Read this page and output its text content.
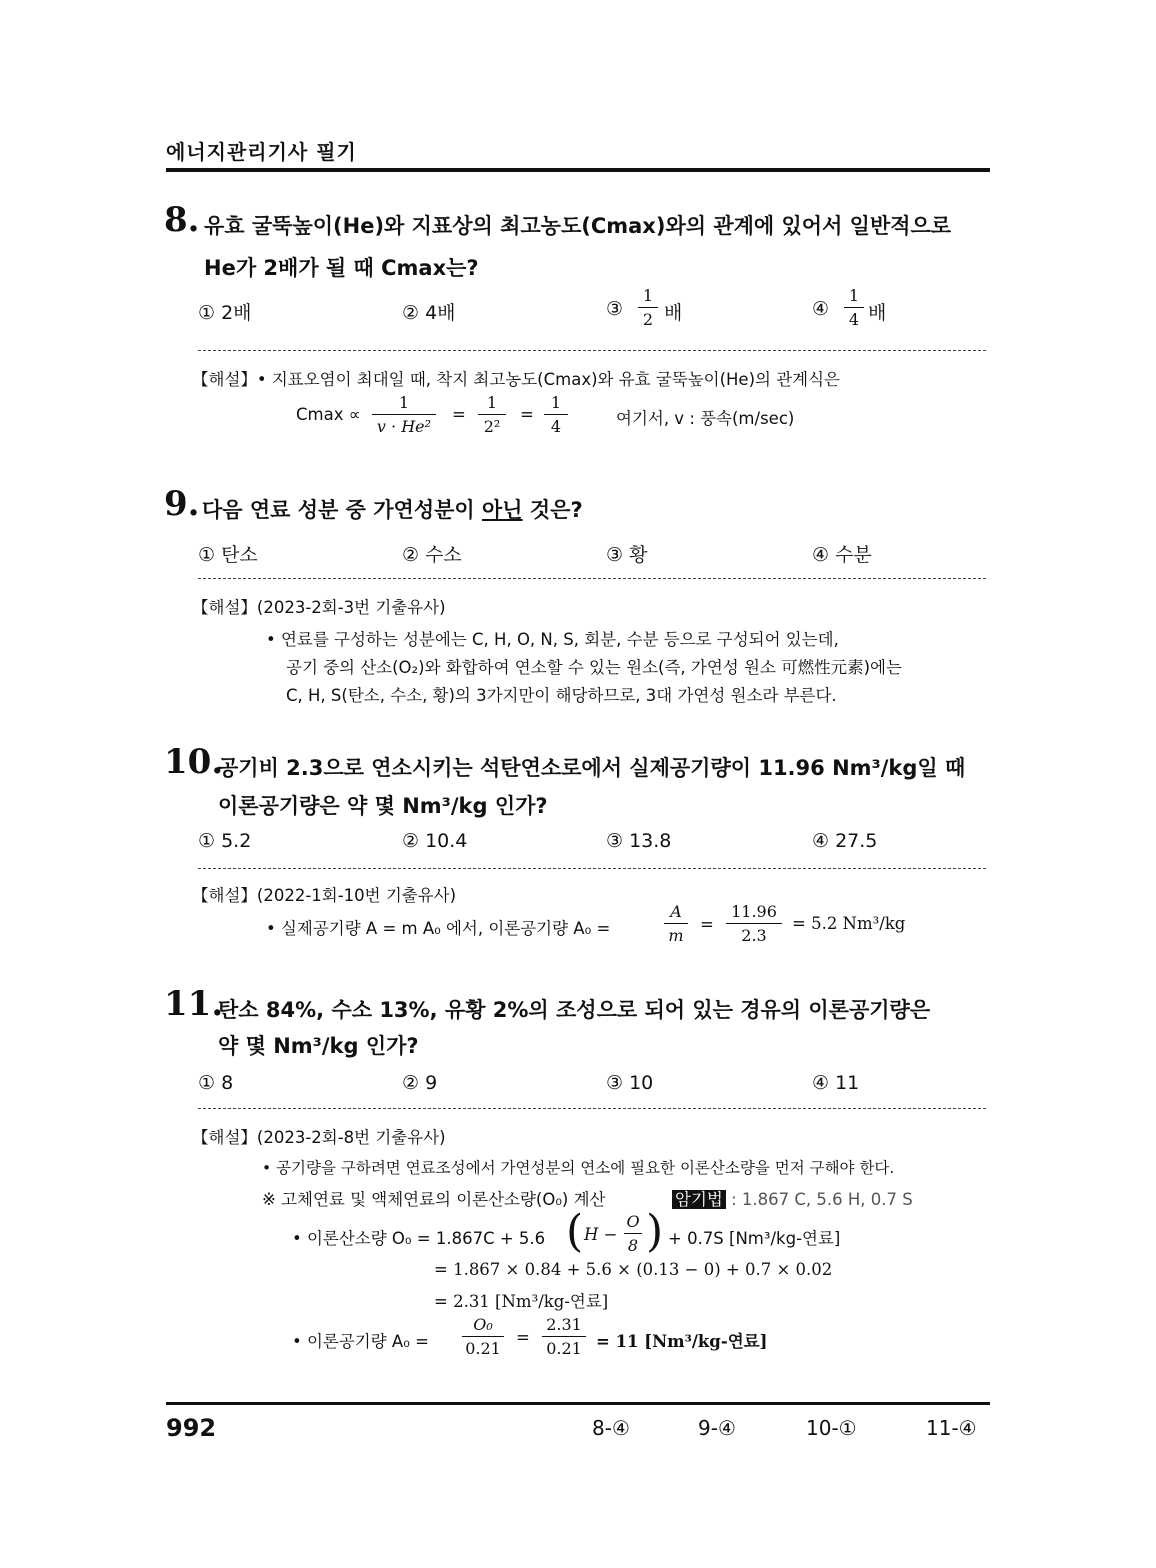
에너지관리기사 필기
8. 유효 굴뚝높이(He)와 지표상의 최고농도(Cmax)와의 관계에 있어서 일반적으로
He가 2배가 될 때 Cmax는?
① 2배	② 4배	③
1
2 배	④
1
4 배
【해설】• 지표오염이 최대일 때, 착지 최고농도(Cmax)와 유효 굴뚝높이(He)의 관계식은
Cmax ∝
1
v · He²
=
1
2²
=
1
4	여기서, v : 풍속(m/sec)
9. 다음 연료 성분 중 가연성분이 아닌 것은?
① 탄소	② 수소	③ 황	④ 수분
【해설】(2023-2회-3번 기출유사)
• 연료를 구성하는 성분에는 C, H, O, N, S, 회분, 수분 등으로 구성되어 있는데,
공기 중의 산소(O₂)와 화합하여 연소할 수 있는 원소(즉, 가연성 원소 可燃性元素)에는
C, H, S(탄소, 수소, 황)의 3가지만이 해당하므로, 3대 가연성 원소라 부른다.
10.
공기비 2.3으로 연소시키는 석탄연소로에서 실제공기량이 11.96 Nm³/kg일 때
이론공기량은 약 몇 Nm³/kg 인가?
① 5.2	② 10.4	③ 13.8	④ 27.5
【해설】(2022-1회-10번 기출유사)
• 실제공기량 A = m A₀ 에서, 이론공기량 A₀ =
A
m
=
11.96
2.3
= 5.2 Nm³/kg
11.
탄소 84%, 수소 13%, 유황 2%의 조성으로 되어 있는 경유의 이론공기량은
약 몇 Nm³/kg 인가?
① 8	② 9	③ 10	④ 11
【해설】(2023-2회-8번 기출유사)
• 공기량을 구하려면 연료조성에서 가연성분의 연소에 필요한 이론산소량을 먼저 구해야 한다.
※ 고체연료 및 액체연료의 이론산소량(O₀) 계산	암기법 : 1.867 C, 5.6 H, 0.7 S
• 이론산소량 O₀ = 1.867C + 5.6 ( H −
O
8 ) + 0.7S [Nm³/kg-연료]
= 1.867 × 0.84 + 5.6 × (0.13 − 0) + 0.7 × 0.02
= 2.31 [Nm³/kg-연료]
• 이론공기량 A₀ =
O₀
0.21
=
2.31
0.21 = 11 [Nm³/kg-연료]
992	8-④	9-④	10-①	11-④
